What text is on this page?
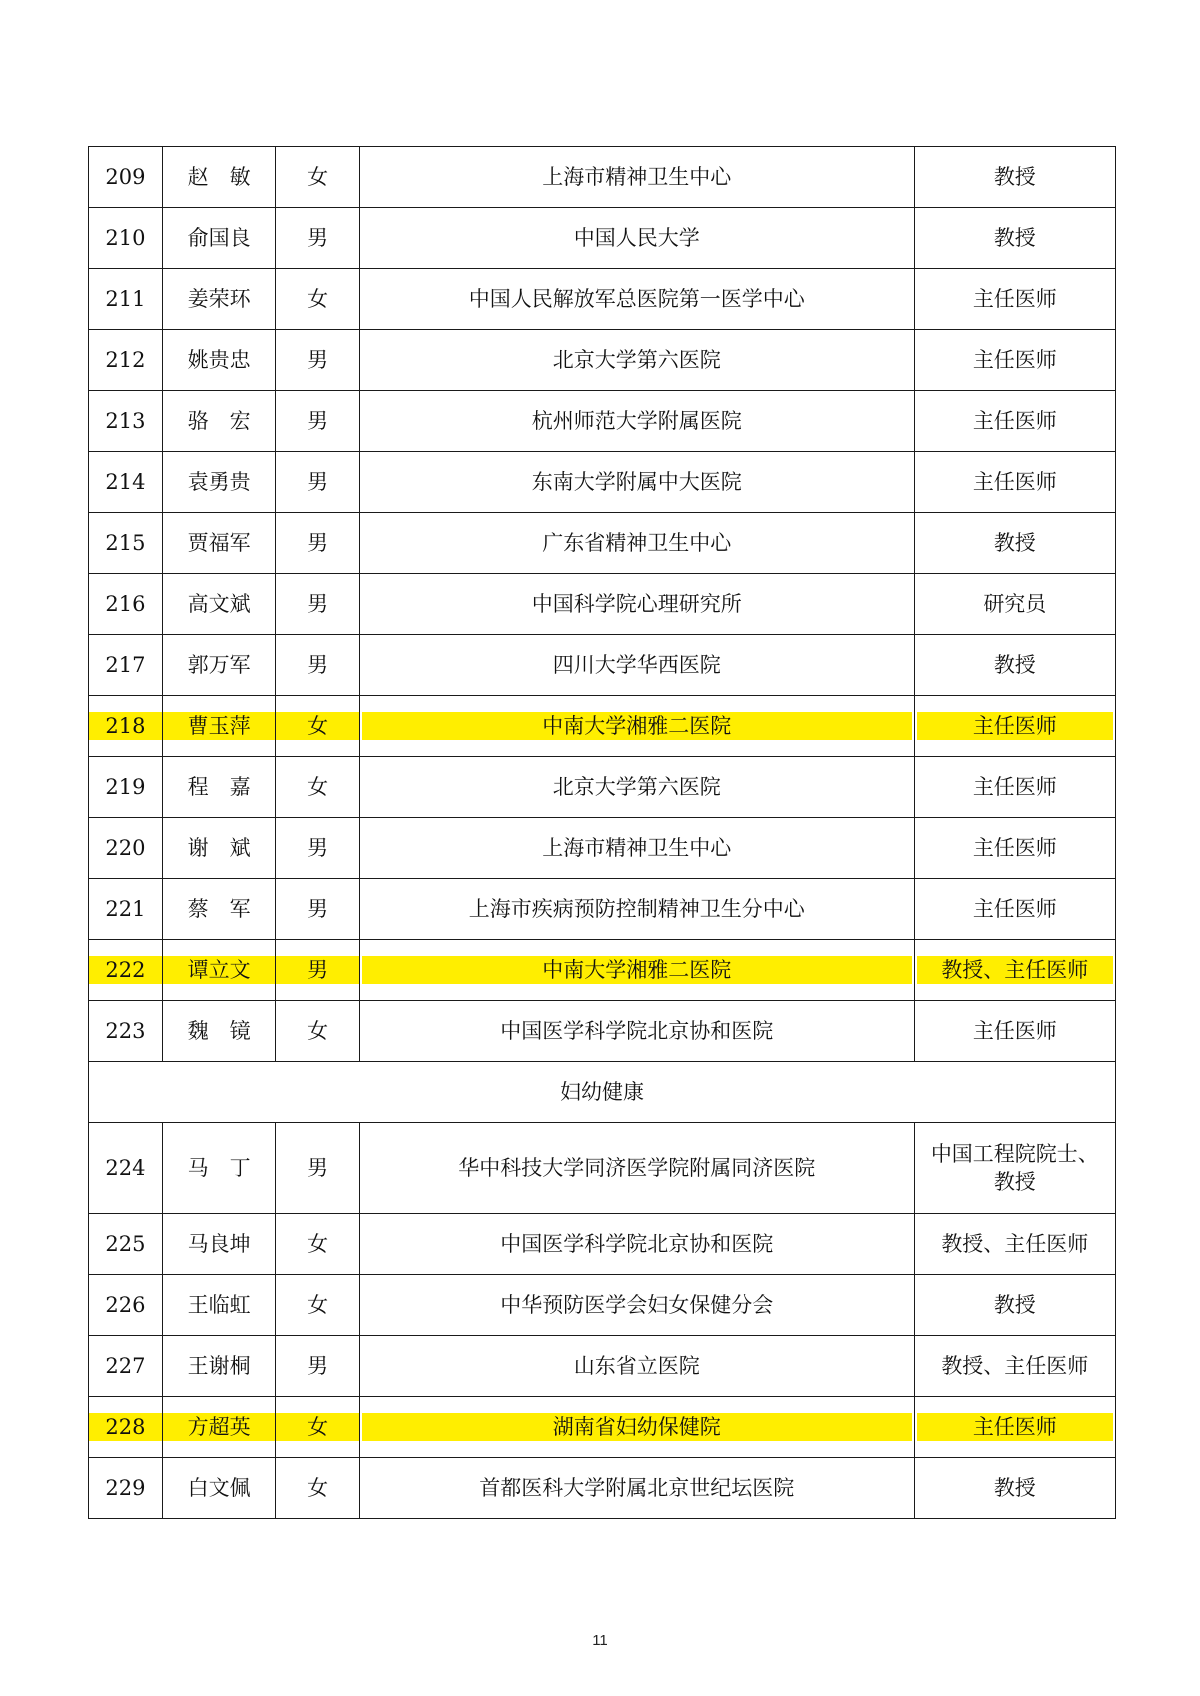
209	赵　敏	女	上海市精神卫生中心	教授
210	俞国良	男	中国人民大学	教授
211	姜荣环	女	中国人民解放军总医院第一医学中心	主任医师
212	姚贵忠	男	北京大学第六医院	主任医师
213	骆　宏	男	杭州师范大学附属医院	主任医师
214	袁勇贵	男	东南大学附属中大医院	主任医师
215	贾福军	男	广东省精神卫生中心	教授
216	高文斌	男	中国科学院心理研究所	研究员
217	郭万军	男	四川大学华西医院	教授

218	曹玉萍	女	中南大学湘雅二医院	主任医师

219	程　嘉	女	北京大学第六医院	主任医师
220	谢　斌	男	上海市精神卫生中心	主任医师
221	蔡　军	男	上海市疾病预防控制精神卫生分中心	主任医师

222	谭立文	男	中南大学湘雅二医院	教授、主任医师

223	魏　镜	女	中国医学科学院北京协和医院	主任医师
妇幼健康				
224	马　丁	男	华中科技大学同济医学院附属同济医院	中国工程院院士、
教授

225	马良坤	女	中国医学科学院北京协和医院	教授、主任医师
226	王临虹	女	中华预防医学会妇女保健分会	教授
227	王谢桐	男	山东省立医院	教授、主任医师

228	方超英	女	湖南省妇幼保健院	主任医师

229	白文佩	女	首都医科大学附属北京世纪坛医院	教授
11
